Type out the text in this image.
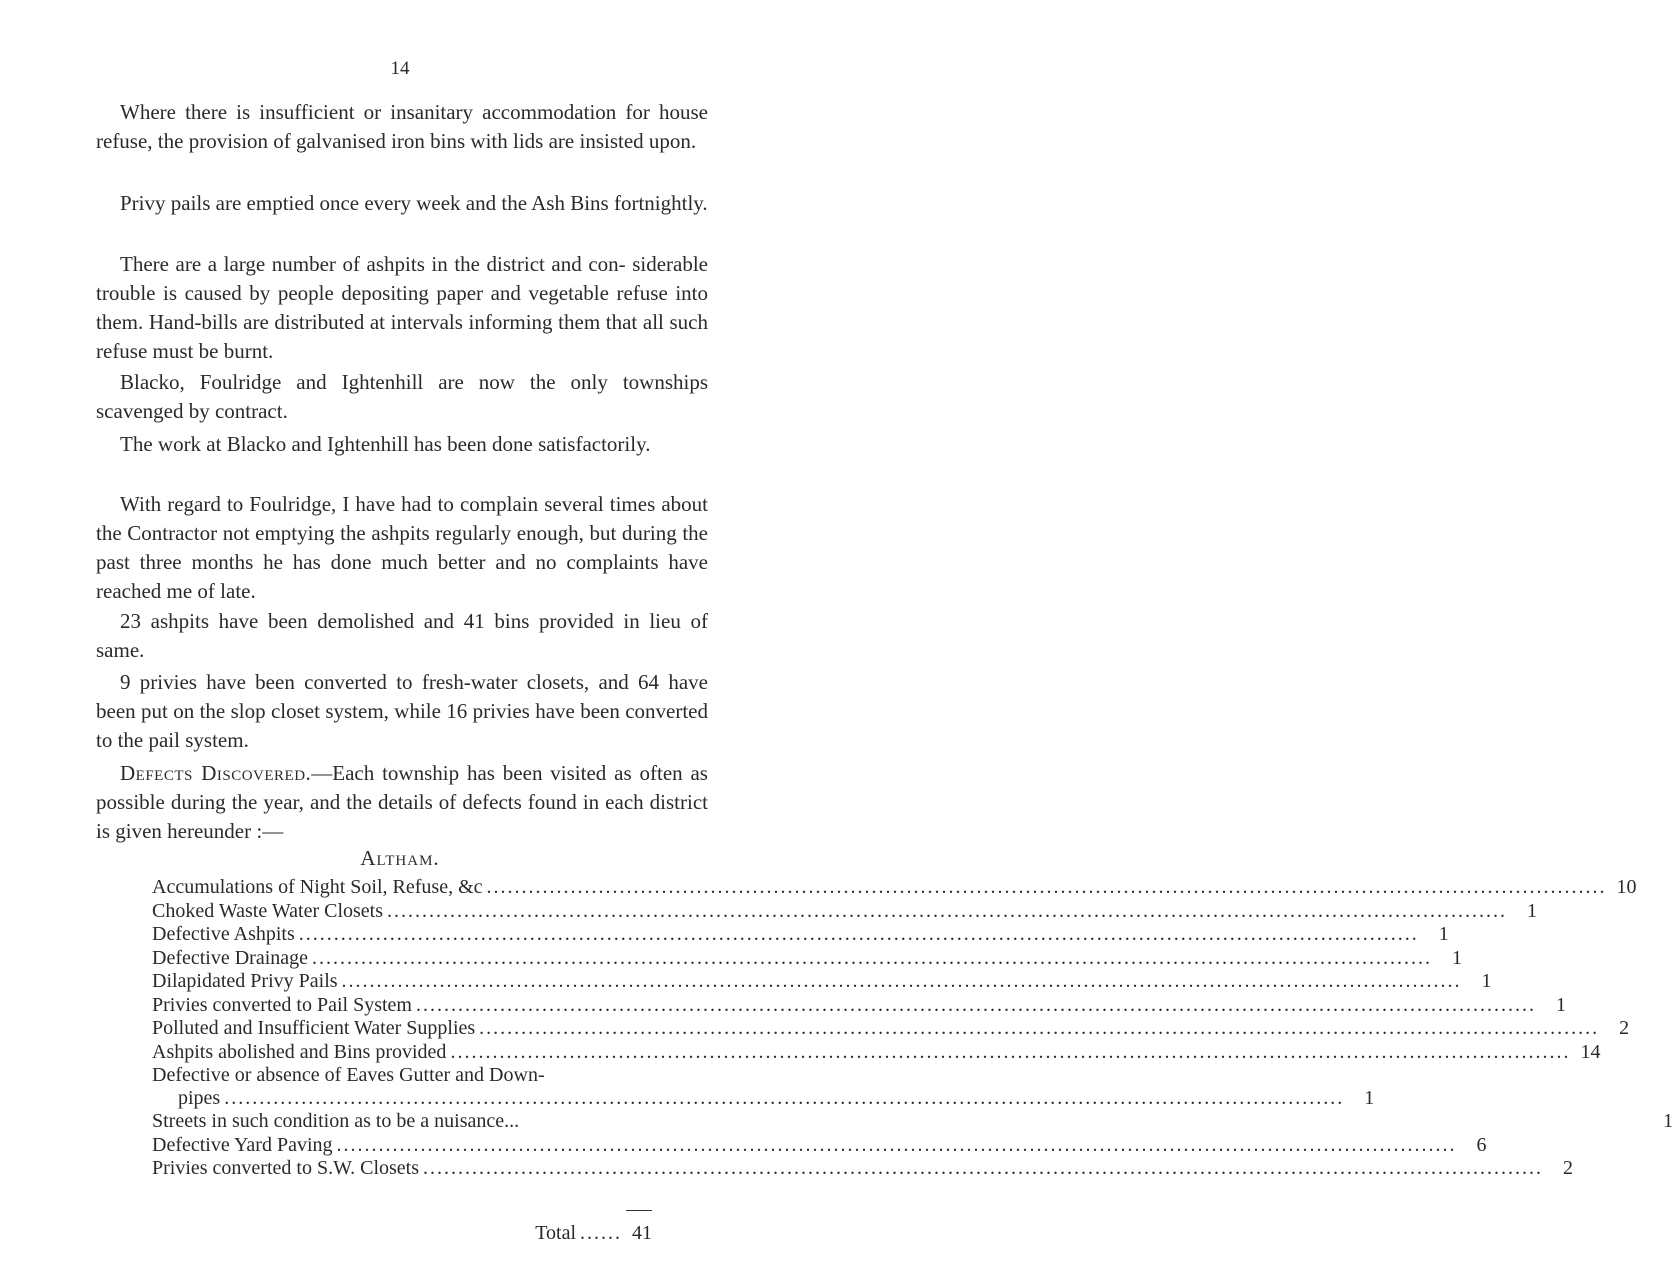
14

Where there is insufficient or insanitary accommodation for house refuse, the provision of galvanised iron bins with lids are insisted upon.

Privy pails are emptied once every week and the Ash Bins fortnightly.

There are a large number of ashpits in the district and con- siderable trouble is caused by people depositing paper and vegetable refuse into them. Hand-bills are distributed at intervals informing them that all such refuse must be burnt.

Blacko, Foulridge and Ightenhill are now the only townships scavenged by contract.

The work at Blacko and Ightenhill has been done satisfactorily.

With regard to Foulridge, I have had to complain several times about the Contractor not emptying the ashpits regularly enough, but during the past three months he has done much better and no complaints have reached me of late.

23 ashpits have been demolished and 41 bins provided in lieu of same.

9 privies have been converted to fresh-water closets, and 64 have been put on the slop closet system, while 16 privies have been converted to the pail system.

Defects Discovered.—Each township has been visited as often as possible during the year, and the details of defects found in each district is given hereunder :—

Altham.
Accumulations of Night Soil, Refuse, &c .....	10
Choked Waste Water Closets .....	1
Defective Ashpits .....	1
Defective Drainage .....	1
Dilapidated Privy Pails .....	1
Privies converted to Pail System .....	1
Polluted and Insufficient Water Supplies .....	2
Ashpits abolished and Bins provided .....	14
Defective or absence of Eaves Gutter and Down-
pipes .....	1
Streets in such condition as to be a nuisance...	1
Defective Yard Paving .....	6
Privies converted to S.W. Closets .....	2
Total ...... 41
